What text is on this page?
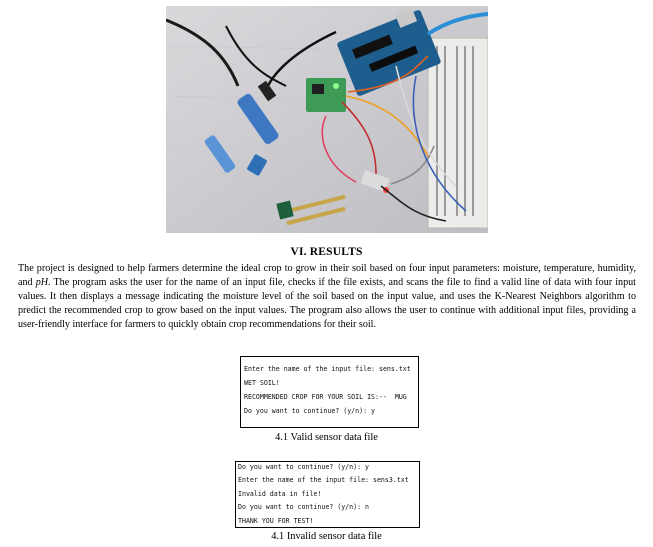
VI. RESULTS
The project is designed to help farmers determine the ideal crop to grow in their soil based on four input parameters: moisture, temperature, humidity, and pH. The program asks the user for the name of an input file, checks if the file exists, and scans the file to find a valid line of data with four input values. It then displays a message indicating the moisture level of the soil based on the input value, and uses the K-Nearest Neighbors algorithm to predict the recommended crop to grow based on the input values. The program also allows the user to continue with additional input files, providing a user-friendly interface for farmers to quickly obtain crop recommendations for their soil.
Enter the name of the input file: sens.txt
WET SOIL!
RECOMMENDED CROP FOR YOUR SOIL IS:--  MUG
Do you want to continue? (y/n): y
4.1 Valid sensor data file
Do you want to continue? (y/n): y
Enter the name of the input file: sens3.txt
Invalid data in file!
Do you want to continue? (y/n): n
THANK YOU FOR TEST!
4.1 Invalid sensor data file
